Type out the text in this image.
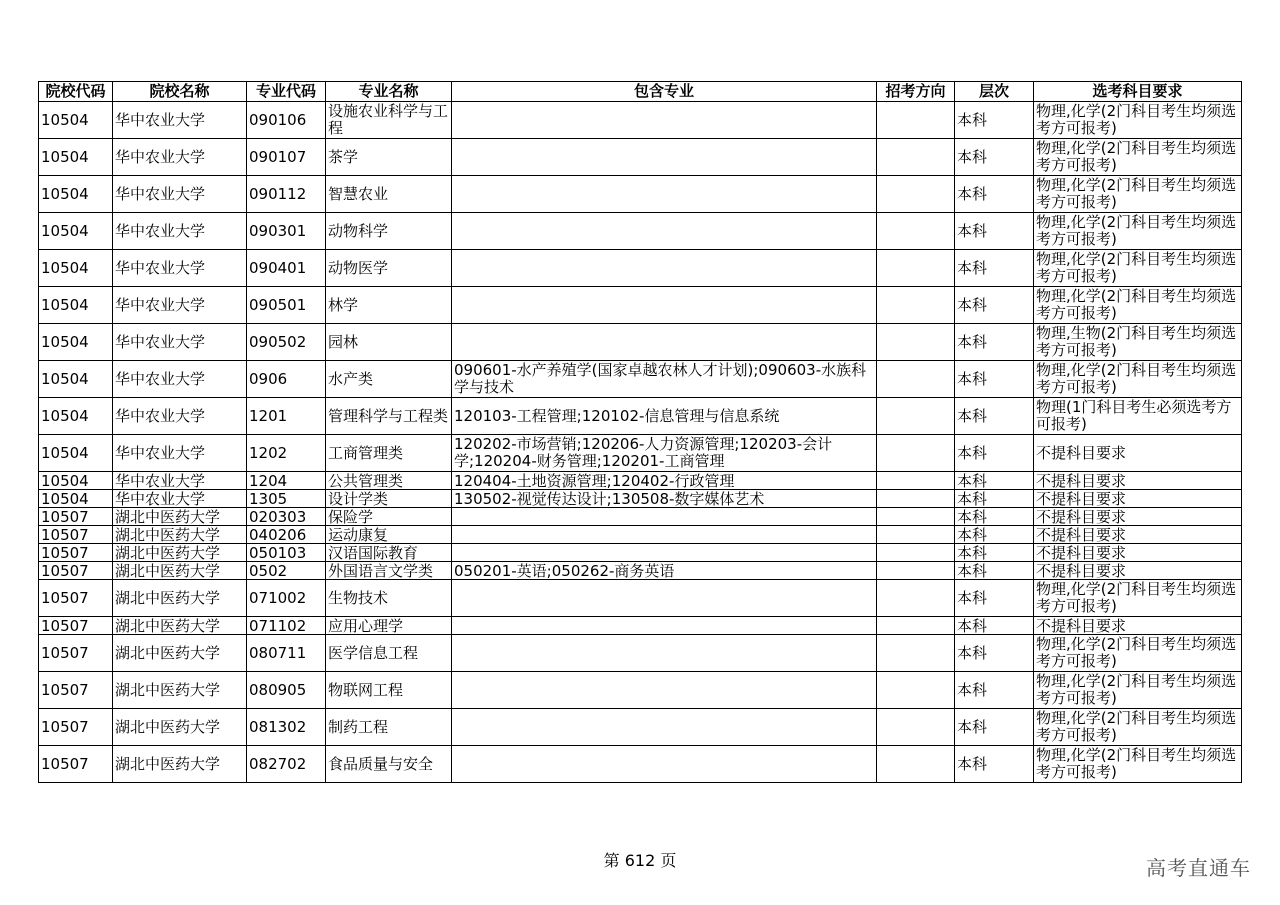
院校代码	院校名称	专业代码	专业名称	包含专业	招考方向	层次	选考科目要求
10504	华中农业大学	090106	设施农业科学与工程			本科	物理,化学(2门科目考生均须选考方可报考)
10504	华中农业大学	090107	茶学			本科	物理,化学(2门科目考生均须选考方可报考)
10504	华中农业大学	090112	智慧农业			本科	物理,化学(2门科目考生均须选考方可报考)
10504	华中农业大学	090301	动物科学			本科	物理,化学(2门科目考生均须选考方可报考)
10504	华中农业大学	090401	动物医学			本科	物理,化学(2门科目考生均须选考方可报考)
10504	华中农业大学	090501	林学			本科	物理,化学(2门科目考生均须选考方可报考)
10504	华中农业大学	090502	园林			本科	物理,生物(2门科目考生均须选考方可报考)
10504	华中农业大学	0906	水产类	090601-水产养殖学(国家卓越农林人才计划);090603-水族科学与技术		本科	物理,化学(2门科目考生均须选考方可报考)
10504	华中农业大学	1201	管理科学与工程类	120103-工程管理;120102-信息管理与信息系统		本科	物理(1门科目考生必须选考方可报考)
10504	华中农业大学	1202	工商管理类	120202-市场营销;120206-人力资源管理;120203-会计学;120204-财务管理;120201-工商管理		本科	不提科目要求
10504	华中农业大学	1204	公共管理类	120404-土地资源管理;120402-行政管理		本科	不提科目要求
10504	华中农业大学	1305	设计学类	130502-视觉传达设计;130508-数字媒体艺术		本科	不提科目要求
10507	湖北中医药大学	020303	保险学			本科	不提科目要求
10507	湖北中医药大学	040206	运动康复			本科	不提科目要求
10507	湖北中医药大学	050103	汉语国际教育			本科	不提科目要求
10507	湖北中医药大学	0502	外国语言文学类	050201-英语;050262-商务英语		本科	不提科目要求
10507	湖北中医药大学	071002	生物技术			本科	物理,化学(2门科目考生均须选考方可报考)
10507	湖北中医药大学	071102	应用心理学			本科	不提科目要求
10507	湖北中医药大学	080711	医学信息工程			本科	物理,化学(2门科目考生均须选考方可报考)
10507	湖北中医药大学	080905	物联网工程			本科	物理,化学(2门科目考生均须选考方可报考)
10507	湖北中医药大学	081302	制药工程			本科	物理,化学(2门科目考生均须选考方可报考)
10507	湖北中医药大学	082702	食品质量与安全			本科	物理,化学(2门科目考生均须选考方可报考)
第 612 页	高考直通车
